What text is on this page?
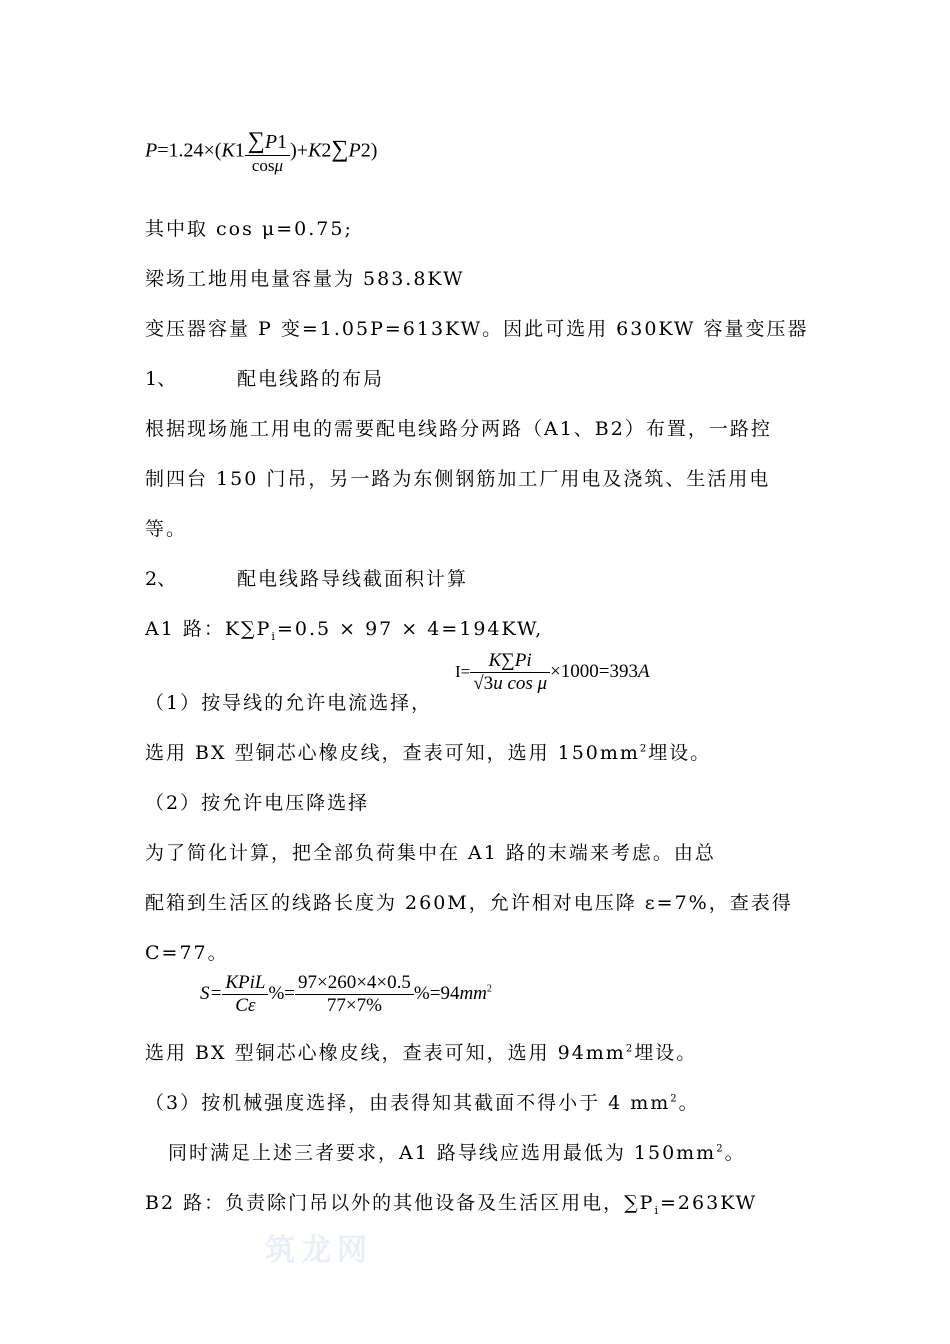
$P=1.24\times(K1 \frac{\sum P1}{\cos\mu} )+K2\sum P2$)
其中取 cos μ=0.75;
梁场工地用电量容量为 583.8KW
变压器容量 P 变=1.05P=613KW。因此可选用 630KW 容量变压器
1、	配电线路的布局
根据现场施工用电的需要配电线路分两路（A1、B2）布置，一路控
制四台 150 门吊，另一路为东侧钢筋加工厂用电及浇筑、生活用电
等。
2、	配电线路导线截面积计算
A1 路：$K\sum P_i=0.5 \times 97 \times 4=194KW$,
（1）按导线的允许电流选择，
$I= \frac{K\sum Pi}{\text{√3u cos μ}} \times 1000=393A$
选用 BX 型铜芯心橡皮线，查表可知，选用 $150mm^2$埋设。
（2）按允许电压降选择
为了简化计算，把全部负荷集中在 A1 路的末端来考虑。由总
配箱到生活区的线路长度为 260M，允许相对电压降 ε=7%，查表得
C=77。
$S= \frac{\text{KPiL}}{C\varepsilon}$ %= $\frac{97\times 260\times 4\times 0.5}{77\times 7\%} \%=94mm^2$
选用 BX 型铜芯心橡皮线，查表可知，选用 $94mm^2$埋设。
（3）按机械强度选择，由表得知其截面不得小于 4 $mm^2$。
同时满足上述三者要求，A1 路导线应选用最低为 $150mm^2$。
B2 路：负责除门吊以外的其他设备及生活区用电，$\sum P_i=263KW$
筑龙网
